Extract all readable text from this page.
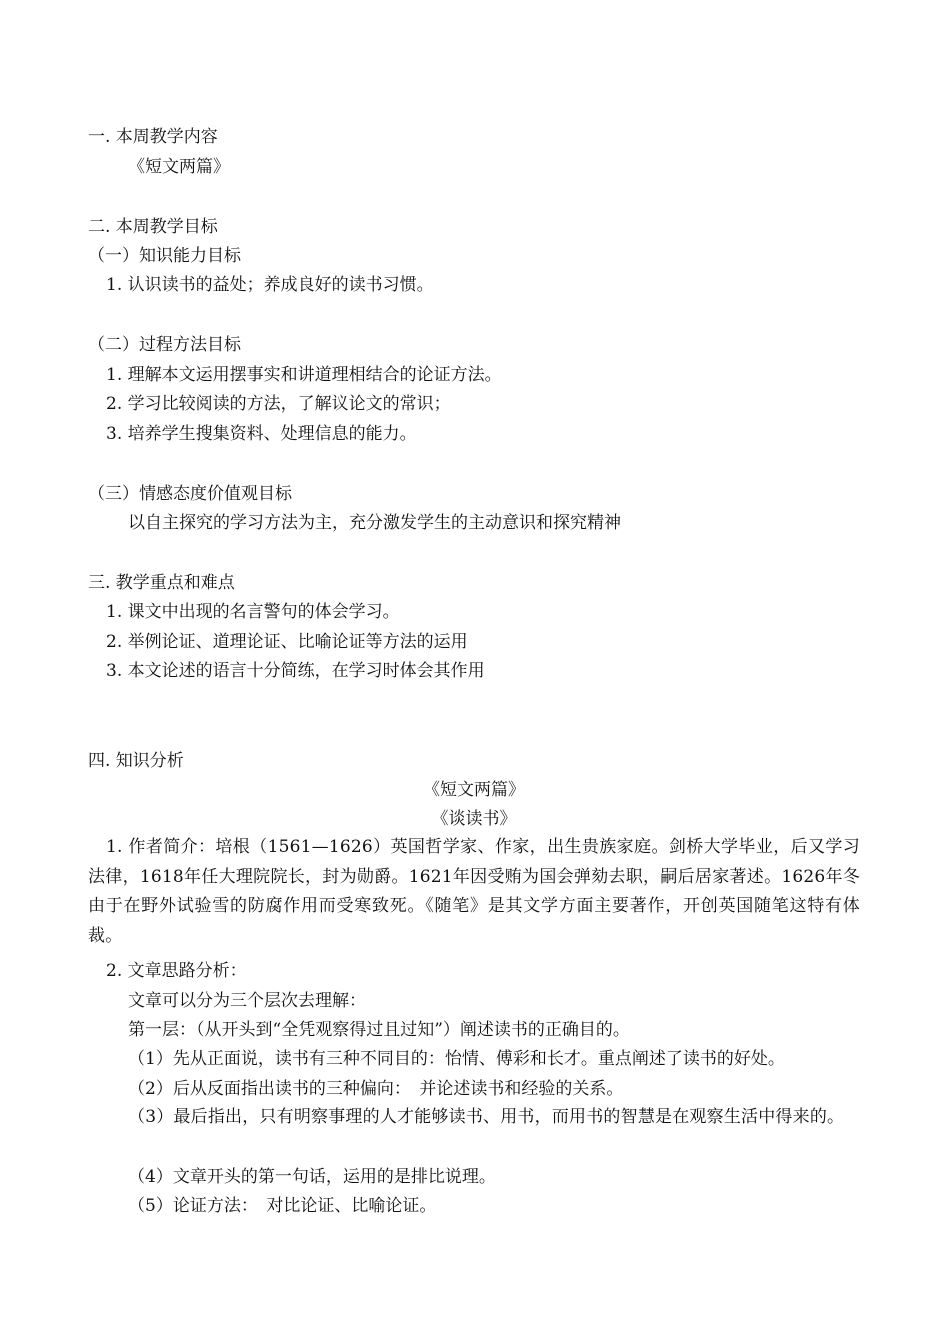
一. 本周教学内容
《短文两篇》
二. 本周教学目标
（一）知识能力目标
1. 认识读书的益处；养成良好的读书习惯。
（二）过程方法目标
1. 理解本文运用摆事实和讲道理相结合的论证方法。
2. 学习比较阅读的方法，了解议论文的常识；
3. 培养学生搜集资料、处理信息的能力。
（三）情感态度价值观目标
以自主探究的学习方法为主，充分激发学生的主动意识和探究精神
三. 教学重点和难点
1. 课文中出现的名言警句的体会学习。
2. 举例论证、道理论证、比喻论证等方法的运用
3. 本文论述的语言十分简练，在学习时体会其作用
四. 知识分析
《短文两篇》
《谈读书》
1. 作者简介：培根（1561—1626）英国哲学家、作家，出生贵族家庭。剑桥大学毕业，后又学习法律，1618年任大理院院长，封为勋爵。1621年因受贿为国会弹劾去职，嗣后居家著述。1626年冬由于在野外试验雪的防腐作用而受寒致死。《随笔》是其文学方面主要著作，开创英国随笔这特有体裁。
2. 文章思路分析：
文章可以分为三个层次去理解：
第一层：（从开头到“全凭观察得过且过知”）阐述读书的正确目的。
（1）先从正面说，读书有三种不同目的：怡情、傅彩和长才。重点阐述了读书的好处。
（2）后从反面指出读书的三种偏向：　并论述读书和经验的关系。
（3）最后指出，只有明察事理的人才能够读书、用书，而用书的智慧是在观察生活中得来的。
（4）文章开头的第一句话，运用的是排比说理。
（5）论证方法：　对比论证、比喻论证。
